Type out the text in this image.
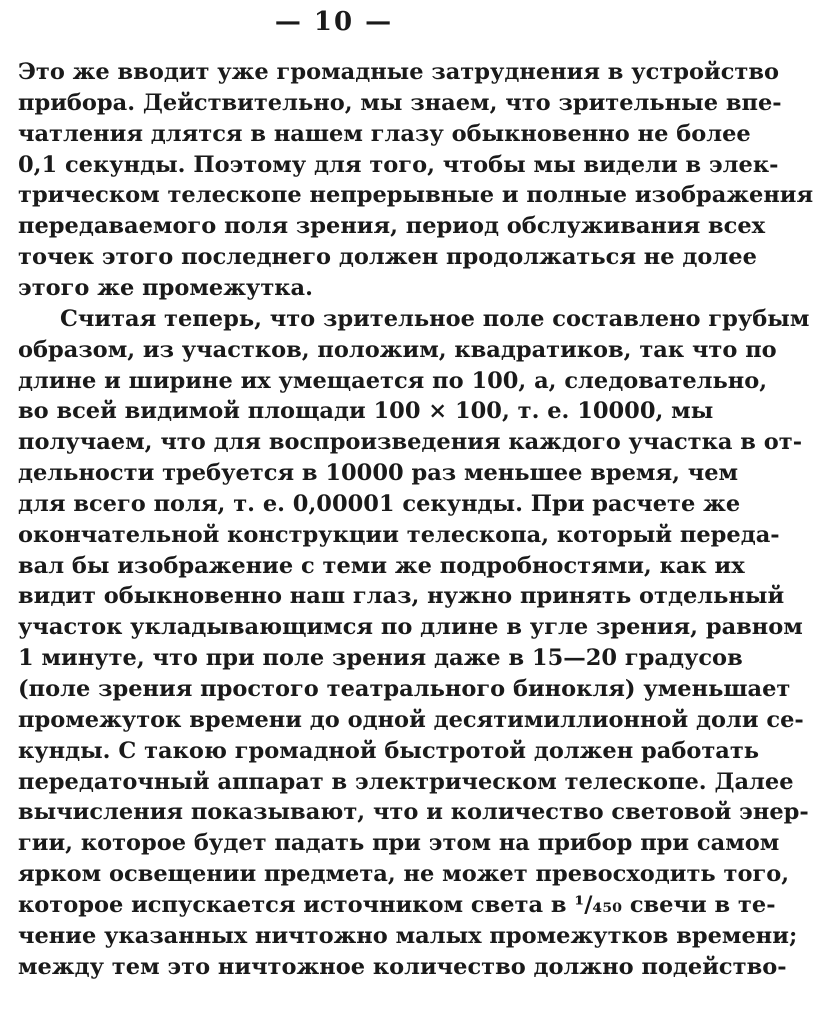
— 10 —
Это же вводит уже громадные затруднения в устройство
прибора. Действительно, мы знаем, что зрительные впе-
чатления длятся в нашем глазу обыкновенно не более
0,1 секунды. Поэтому для того, чтобы мы видели в элек-
трическом телескопе непрерывные и полные изображения
передаваемого поля зрения, период обслуживания всех
точек этого последнего должен продолжаться не долее
этого же промежутка.
Считая теперь, что зрительное поле составлено грубым
образом, из участков, положим, квадратиков, так что по
длине и ширине их умещается по 100, а, следовательно,
во всей видимой площади 100 × 100, т. е. 10000, мы
получаем, что для воспроизведения каждого участка в от-
дельности требуется в 10000 раз меньшее время, чем
для всего поля, т. е. 0,00001 секунды. При расчете же
окончательной конструкции телескопа, который переда-
вал бы изображение с теми же подробностями, как их
видит обыкновенно наш глаз, нужно принять отдельный
участок укладывающимся по длине в угле зрения, равном
1 минуте, что при поле зрения даже в 15—20 градусов
(поле зрения простого театрального бинокля) уменьшает
промежуток времени до одной десятимиллионной доли се-
кунды. С такою громадной быстротой должен работать
передаточный аппарат в электрическом телескопе. Далее
вычисления показывают, что и количество световой энер-
гии, которое будет падать при этом на прибор при самом
ярком освещении предмета, не может превосходить того,
которое испускается источником света в ¹/₄₅₀ свечи в те-
чение указанных ничтожно малых промежутков времени;
между тем это ничтожное количество должно подейство-
